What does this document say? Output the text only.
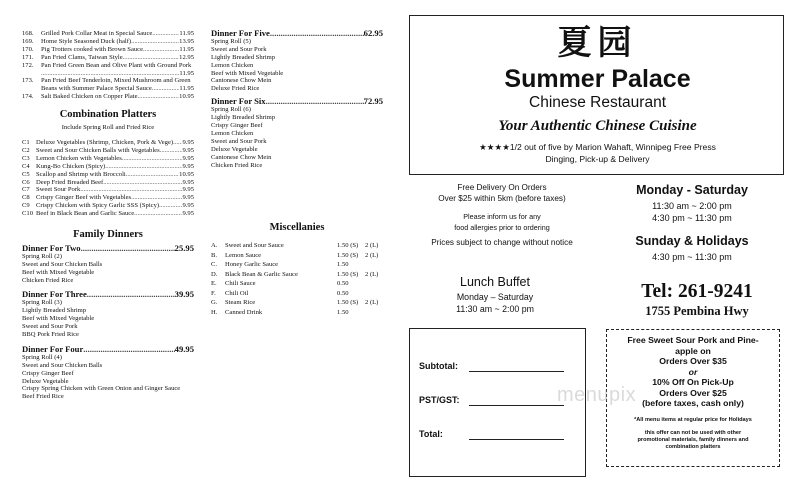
168.	Grilled Pork Collar Meat in Special Sauce .....	11.95
169.	Home Style Seasoned Duck (half) .....	13.95
170.	Pig Trotters cooked with Brown Sauce .....	11.95
171.	Pan Fried Clams, Taiwan Style .....	12.95
172.	Pan Fried Green Bean and Olive Plant with Ground Pork
.....
11.95
173.	Pan Fried Beef Tenderloin, Mixed Mushroom and Green
Beans with Summer Palace Special Sauce .....	11.95
174.	Salt Baked Chicken on Copper Plate .....	10.95
Combination Platters
Include Spring Roll and Fried Rice
C1 Deluxe Vegetables (Shrimp, Chicken, Pork & Vege) ..... 9.95
C2 Sweet and Sour Chicken Balls with Vegetables .....	9.95
C3 Lemon Chicken with Vegetables .....	9.95
C4 Kung-Bo Chicken (Spicy) .....	9.95
C5 Scallop and Shrimp with Broccoli .....	10.95
C6 Deep Fried Breaded Beef .....	9.95
C7 Sweet Sour Pork .....	9.95
C8 Crispy Ginger Beef with Vegetables .....	9.95
C9 Crispy Chicken with Spicy Garlic SSS (Spicy) .....	9.95
C10 Beef in Black Bean and Garlic Sauce .....	9.95
Family Dinners
Dinner For Two .....	25.95
Spring Roll (2)
Sweet and Sour Chicken Balls
Beef with Mixed Vegetable
Chicken Fried Rice
Dinner For Three .....	39.95
Spring Roll (3)
Lightly Breaded Shrimp
Beef with Mixed Vegetable
Sweet and Sour Pork
BBQ Pork Fried Rice
Dinner For Four .....	49.95
Spring Roll (4)
Sweet and Sour Chicken Balls
Crispy Ginger Beef
Deluxe Vegetable
Crispy Spring Chicken with Green Onion and Ginger Sauce
Beef Fried Rice
Dinner For Five .....	62.95
Spring Roll (5)
Sweet and Sour Pork
Lightly Breaded Shrimp
Lemon Chicken
Beef with Mixed Vegetable
Cantonese Chow Mein
Deluxe Fried Rice
Dinner For Six .....	72.95
Spring Roll (6)
Lightly Breaded Shrimp
Crispy Ginger Beef
Lemon Chicken
Sweet and Sour Pork
Deluxe Vegetable
Cantonese Chow Mein
Chicken Fried Rice
Miscellanies
A.	Sweet and Sour Sauce	1.50 (S)	2 (L)
B.	Lemon Sauce	1.50 (S)	2 (L)
C.	Honey Garlic Sauce	1.50
D.	Black Bean & Garlic Sauce	1.50 (S)	2 (L)
E.	Chili Sauce	0.50
F.	Chili Oil	0.50
G.	Steam Rice	1.50 (S)	2 (L)
H.	Canned Drink	1.50
Subtotal:
PST/GST:
Total:
夏园
Summer Palace
Chinese Restaurant
Your Authentic Chinese Cuisine
★★★★1/2 out of five by Marion Wahaft, Winnipeg Free Press
Dinging, Pick-up & Delivery
Free Delivery On Orders
Over $25 within 5km (before taxes)
Please inform us for any
food allergies prior to ordering
Prices subject to change without notice
Lunch Buffet
Monday – Saturday
11:30 am ~ 2:00 pm
Monday - Saturday
11:30 am ~ 2:00 pm
4:30 pm ~ 11:30 pm
Sunday & Holidays
4:30 pm ~ 11:30 pm
Tel: 261-9241
1755 Pembina Hwy
Free Sweet Sour Pork and Pine-
apple on
Orders Over $35
or
10% Off On Pick-Up
Orders Over $25
(before taxes, cash only)
*All menu items at regular price for Holidays
this offer can not be used with other
promotional materials, family dinners and
combination platters
menupix
